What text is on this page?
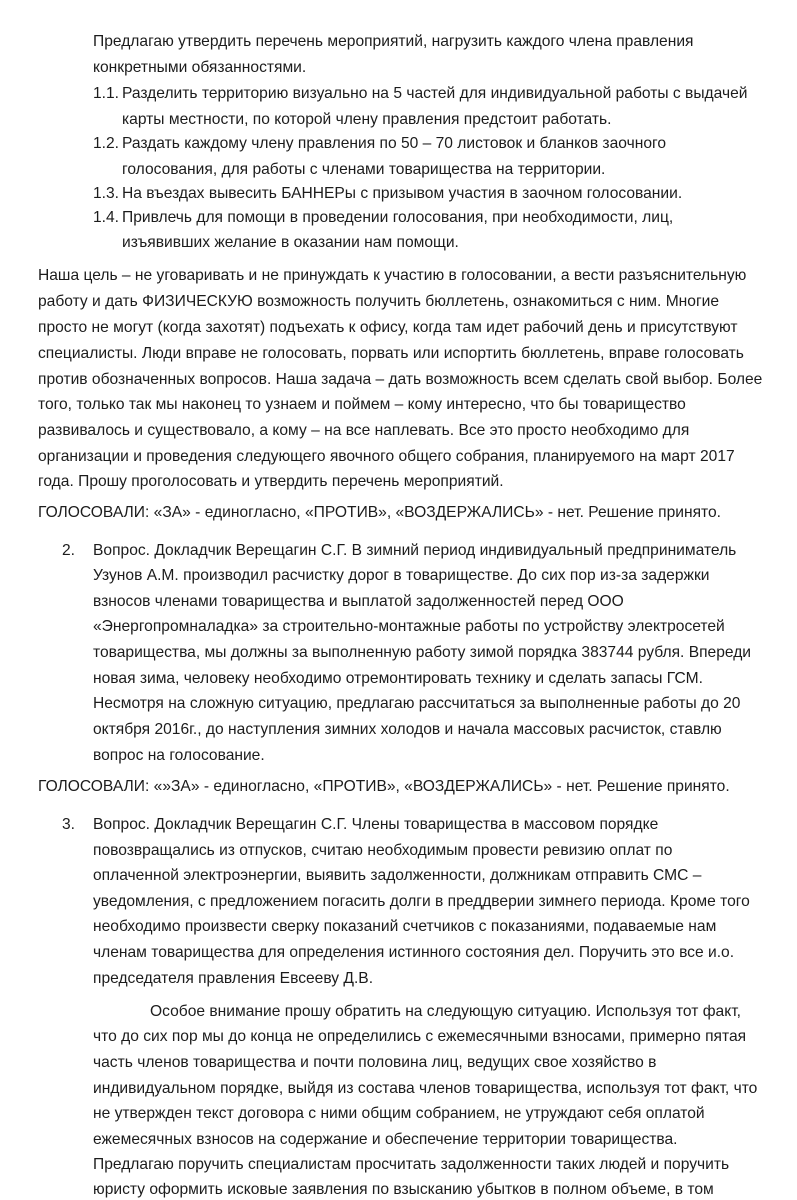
Предлагаю утвердить перечень мероприятий, нагрузить каждого члена правления

конкретными обязанностями.

1.1. Разделить территорию визуально на 5 частей для индивидуальной работы с выдачей
карты местности, по которой члену правления предстоит работать.
1.2. Раздать каждому члену правления по 50 – 70 листовок и бланков заочного
голосования, для работы с членами товарищества на территории.
1.3. На въездах вывесить БАННЕРы с призывом участия в заочном голосовании.
1.4. Привлечь для помощи в проведении голосования, при необходимости, лиц,
изъявивших желание в оказании нам помощи.

Наша цель – не уговаривать и не принуждать к участию в голосовании, а вести разъяснительную

работу и дать ФИЗИЧЕСКУЮ возможность получить бюллетень, ознакомиться с ним. Многие

просто не могут (когда захотят) подъехать к офису, когда там идет рабочий день и присутствуют

специалисты. Люди вправе не голосовать, порвать или испортить бюллетень, вправе голосовать

против обозначенных вопросов. Наша задача – дать возможность всем сделать свой выбор. Более

того, только так мы наконец то узнаем и поймем – кому интересно, что бы товарищество

развивалось и существовало, а кому – на все наплевать. Все это просто необходимо для

организации и проведения следующего явочного общего собрания, планируемого на март 2017

года. Прошу проголосовать и утвердить перечень мероприятий.

ГОЛОСОВАЛИ: «ЗА» - единогласно, «ПРОТИВ», «ВОЗДЕРЖАЛИСЬ» - нет. Решение принято.

2. Вопрос. Докладчик Верещагин С.Г. В зимний период индивидуальный предприниматель

Узунов А.М. производил расчистку дорог в товариществе. До сих пор из-за задержки

взносов членами товарищества и выплатой задолженностей перед ООО

«Энергопромналадка» за строительно-монтажные работы по устройству электросетей

товарищества, мы должны за выполненную работу зимой порядка 383744 рубля. Впереди

новая зима, человеку необходимо отремонтировать технику и сделать запасы ГСМ.

Несмотря на сложную ситуацию, предлагаю рассчитаться за выполненные работы до 20

октября 2016г., до наступления зимних холодов и начала массовых расчисток, ставлю

вопрос на голосование.

ГОЛОСОВАЛИ: «»ЗА» - единогласно, «ПРОТИВ», «ВОЗДЕРЖАЛИСЬ» - нет. Решение принято.

3. Вопрос. Докладчик Верещагин С.Г. Члены товарищества в массовом порядке

повозвращались из отпусков, считаю необходимым провести ревизию оплат по

оплаченной электроэнергии, выявить задолженности, должникам отправить СМС –

уведомления, с предложением погасить долги в преддверии зимнего периода. Кроме того

необходимо произвести сверку показаний счетчиков с показаниями, подаваемые нам

членам товарищества для определения истинного состояния дел. Поручить это все и.о.

председателя правления Евсееву Д.В.

Особое внимание прошу обратить на следующую ситуацию. Используя тот факт,

что до сих пор мы до конца не определились с ежемесячными взносами, примерно пятая

часть членов товарищества и почти половина лиц, ведущих свое хозяйство в

индивидуальном порядке, выйдя из состава членов товарищества, используя тот факт, что

не утвержден текст договора с ними общим собранием, не утруждают себя оплатой

ежемесячных взносов на содержание и обеспечение территории товарищества.

Предлагаю поручить специалистам просчитать задолженности таких людей и поручить

юристу оформить исковые заявления по взысканию убытков в полном объеме, в том
